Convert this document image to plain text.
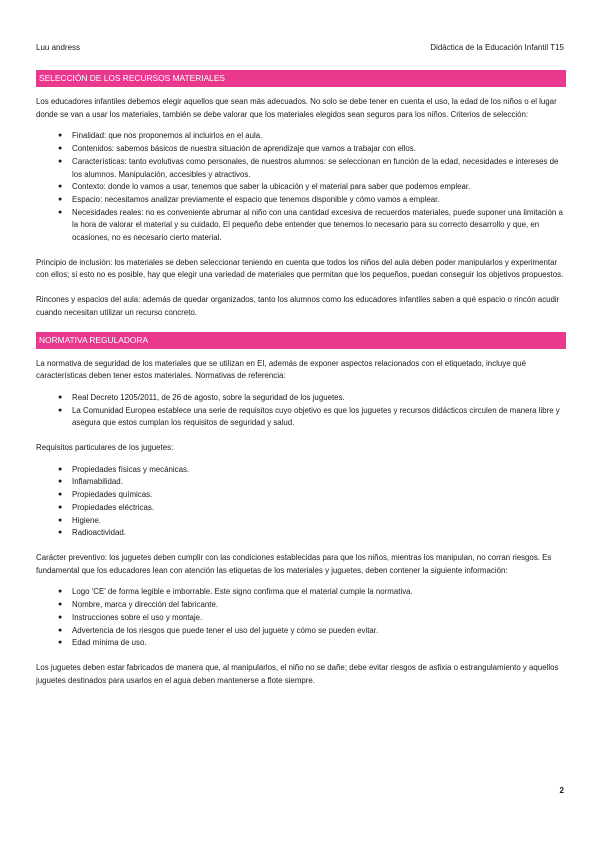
Luu andress	Didáctica de la Educación Infantil T15
SELECCIÓN DE LOS RECURSOS MATERIALES

Los educadores infantiles debemos elegir aquellos que sean más adecuados. No solo se debe tener en cuenta el uso, la edad de los niños o el lugar donde se van a usar los materiales, también se debe valorar que los materiales elegidos sean seguros para los niños. Criterios de selección:

● Finalidad: que nos proponemos al incluirlos en el aula.
● Contenidos: sabemos básicos de nuestra situación de aprendizaje que vamos a trabajar con ellos.
● Características: tanto evolutivas como personales, de nuestros alumnos: se seleccionan en función de la edad, necesidades e intereses de los alumnos. Manipulación, accesibles y atractivos.
● Contexto: donde lo vamos a usar, tenemos que saber la ubicación y el material para saber que podemos emplear.
● Espacio: necesitamos analizar previamente el espacio que tenemos disponible y cómo vamos a emplear.
● Necesidades reales: no es conveniente abrumar al niño con una cantidad excesiva de recuerdos materiales, puede suponer una limitación a la hora de valorar el material y su cuidado. El pequeño debe entender que tenemos lo necesario para su correcto desarrollo y que, en ocasiones, no es necesario cierto material.

Principio de inclusión: los materiales se deben seleccionar teniendo en cuenta que todos los niños del aula deben poder manipularlos y experimentar con ellos; si esto no es posible, hay que elegir una variedad de materiales que permitan que los pequeños, puedan conseguir los objetivos propuestos.

Rincones y espacios del aula: además de quedar organizados, tanto los alumnos como los educadores infantiles saben a qué espacio o rincón acudir cuando necesitan utilizar un recurso concreto.

NORMATIVA REGULADORA

La normativa de seguridad de los materiales que se utilizan en EI, además de exponer aspectos relacionados con el etiquetado, incluye qué características deben tener estos materiales. Normativas de referencia:

● Real Decreto 1205/2011, de 26 de agosto, sobre la seguridad de los juguetes.
● La Comunidad Europea establece una serie de requisitos cuyo objetivo es que los juguetes y recursos didácticos circulen de manera libre y asegura que estos cumplan los requisitos de seguridad y salud.

Requisitos particulares de los juguetes:

● Propiedades físicas y mecánicas.
● Inflamabilidad.
● Propiedades químicas.
● Propiedades eléctricas.
● Higiene.
● Radioactividad.

Carácter preventivo: los juguetes deben cumplir con las condiciones establecidas para que los niños, mientras los manipulan, no corran riesgos. Es fundamental que los educadores lean con atención las etiquetas de los materiales y juguetes, deben contener la siguiente información:

● Logo 'CE' de forma legible e imborrable. Este signo confirma que el material cumple la normativa.
● Nombre, marca y dirección del fabricante.
● Instrucciones sobre el uso y montaje.
● Advertencia de los riesgos que puede tener el uso del juguete y cómo se pueden evitar.
● Edad mínima de uso.

Los juguetes deben estar fabricados de manera que, al manipularlos, el niño no se dañe; debe evitar riesgos de asfixia o estrangulamiento y aquellos juguetes destinados para usarlos en el agua deben mantenerse a flote siempre.

2
